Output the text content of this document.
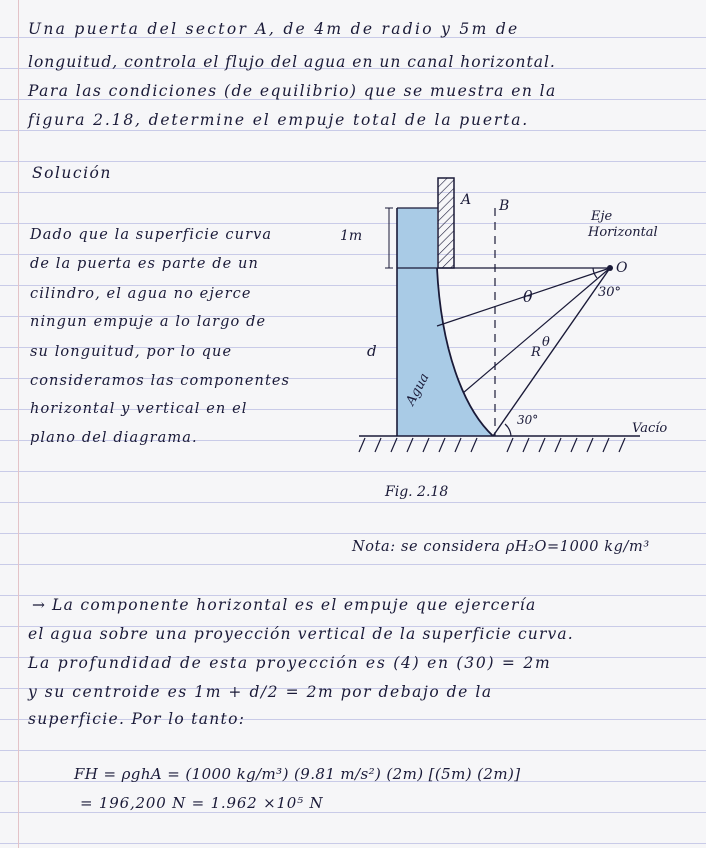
Una puerta del sector A, de 4m de radio y 5m de

longuitud, controla el flujo del agua en un canal horizontal.

Para las condiciones (de equilibrio) que se muestra en la

figura 2.18, determine el empuje total de la puerta.

Solución

Dado que la superficie curva

de la puerta es parte de un

cilindro, el agua no ejerce

ningun empuje a lo largo de

su longuitud, por lo que

consideramos las componentes

horizontal y vertical en el

plano del diagrama.

A B
Eje
Horizontal
O
1m
d
θ	30°
R
θ
Agua
30°
Vacío
Fig. 2.18

Nota: se considera ρH₂O=1000 kg/m³

→ La componente horizontal es el empuje que ejercería

el agua sobre una proyección vertical de la superficie curva.

La profundidad de esta proyección es (4) en (30) = 2m

y su centroide es 1m + d/2 = 2m por debajo de la

superficie. Por lo tanto:

FH = ρghA = (1000 kg/m³) (9.81 m/s²) (2m) [(5m) (2m)]

= 196,200 N = 1.962 ×10⁵ N
